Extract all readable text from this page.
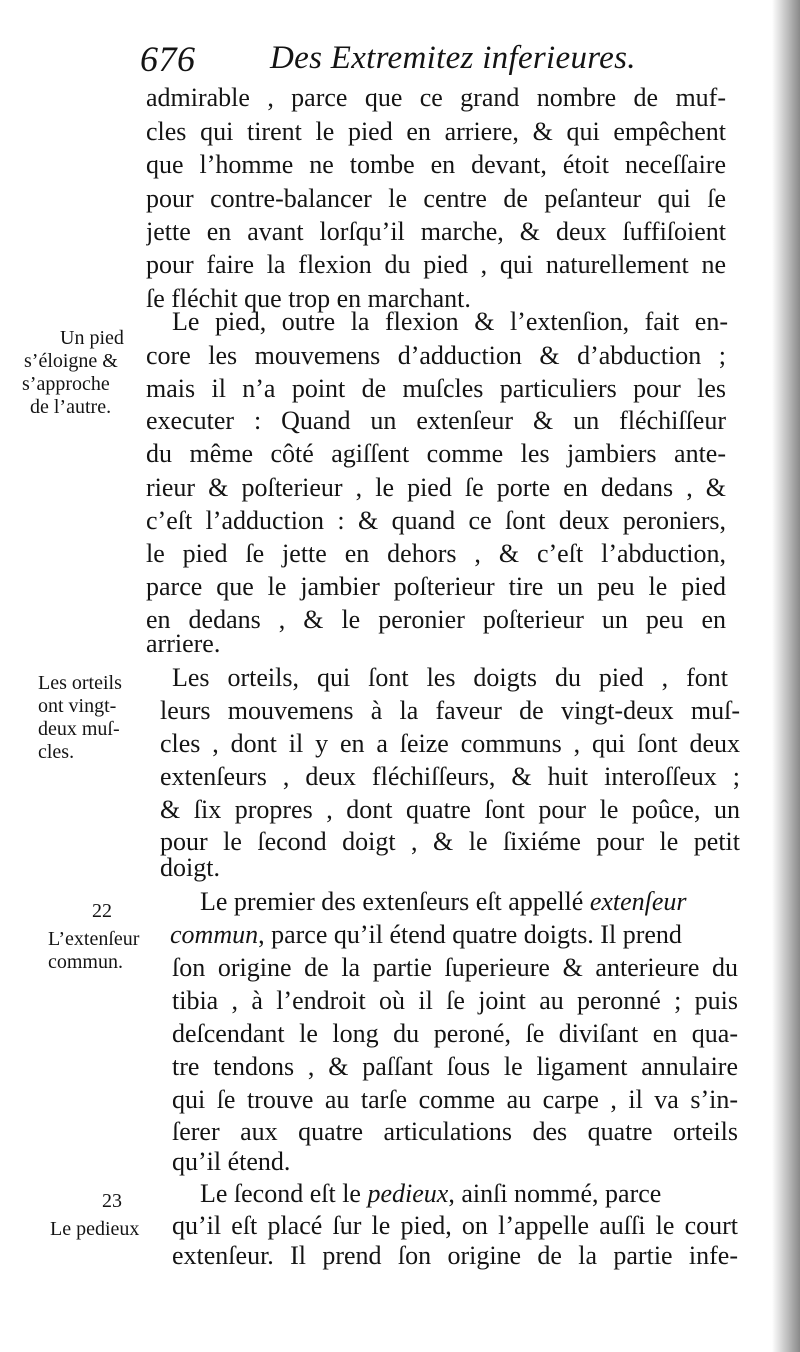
676 Des Extremitez inferieures.
admirable , parce que ce grand nombre de muf-
cles qui tirent le pied en arriere, & qui empêchent
que l’homme ne tombe en devant, étoit neceſſaire
pour contre-balancer le centre de peſanteur qui ſe
jette en avant lorſqu’il marche, & deux ſuffiſoient
pour faire la flexion du pied , qui naturellement ne
ſe fléchit que trop en marchant.
Le pied, outre la flexion & l’extenſion, fait en-
core les mouvemens d’adduction & d’abduction ;
mais il n’a point de muſcles particuliers pour les
executer : Quand un extenſeur & un fléchiſſeur
du même côté agiſſent comme les jambiers ante-
rieur & poſterieur , le pied ſe porte en dedans , &
c’eſt l’adduction : & quand ce ſont deux peroniers,
le pied ſe jette en dehors , & c’eſt l’abduction,
parce que le jambier poſterieur tire un peu le pied
en dedans , & le peronier poſterieur un peu en
arriere.
Les orteils, qui ſont les doigts du pied , font
leurs mouvemens à la faveur de vingt-deux muſ-
cles , dont il y en a ſeize communs , qui ſont deux
extenſeurs , deux fléchiſſeurs, & huit interoſſeux ;
& ſix propres , dont quatre ſont pour le poûce, un
pour le ſecond doigt , & le ſixiéme pour le petit
doigt.
Le premier des extenſeurs eſt appellé extenſeur
commun, parce qu’il étend quatre doigts. Il prend
ſon origine de la partie ſuperieure & anterieure du
tibia , à l’endroit où il ſe joint au peronné ; puis
deſcendant le long du peroné, ſe diviſant en qua-
tre tendons , & paſſant ſous le ligament annulaire
qui ſe trouve au tarſe comme au carpe , il va s’in-
ſerer aux quatre articulations des quatre orteils
qu’il étend.
Le ſecond eſt le pedieux, ainſi nommé, parce
qu’il eſt placé ſur le pied, on l’appelle auſſi le court
extenſeur. Il prend ſon origine de la partie infe-
Un pied
s’éloigne &
s’approche
de l’autre.
Les orteils
ont vingt-
deux muſ-
cles.
22
L’extenſeur
commun.
23
Le pedieux
